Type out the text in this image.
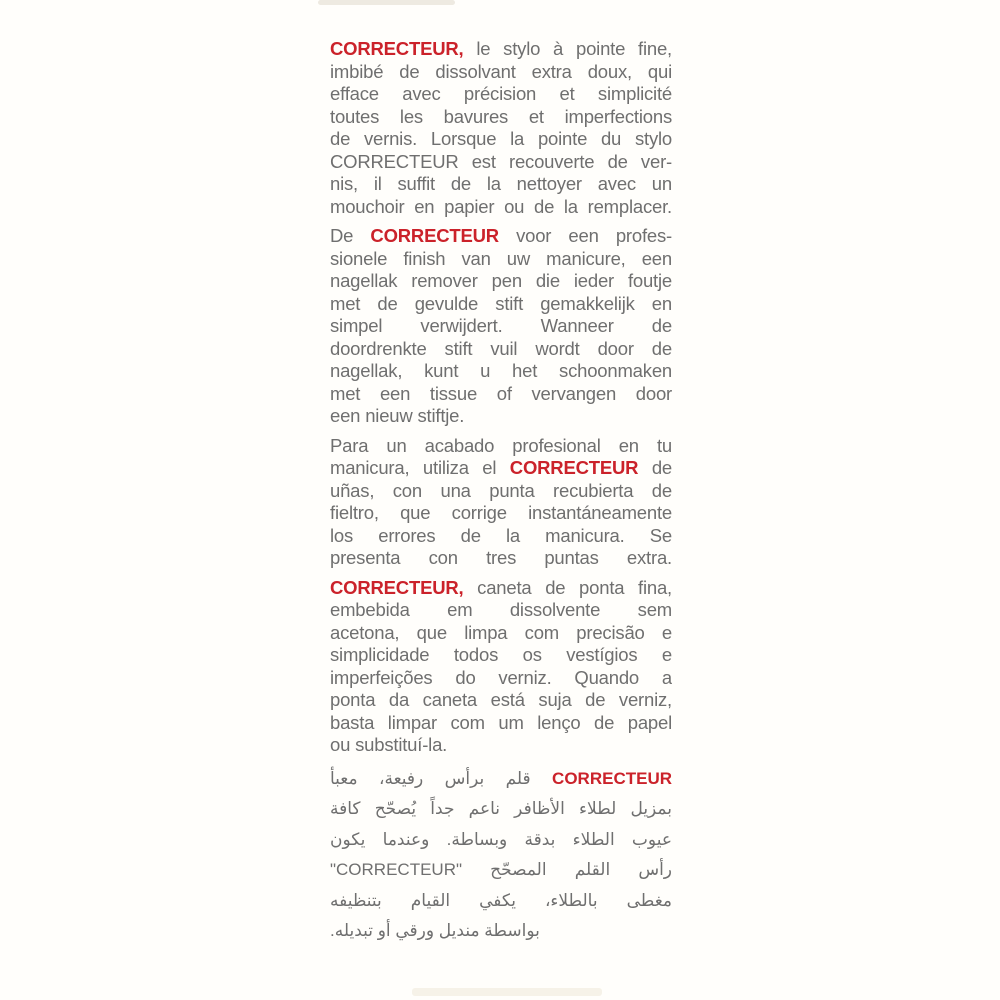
CORRECTEUR, le stylo à pointe fine,
imbibé de dissolvant extra doux, qui
efface avec précision et simplicité
toutes les bavures et imperfections
de vernis. Lorsque la pointe du stylo
CORRECTEUR est recouverte de ver-
nis, il suffit de la nettoyer avec un
mouchoir en papier ou de la remplacer.
De CORRECTEUR voor een profes-
sionele finish van uw manicure, een
nagellak remover pen die ieder foutje
met de gevulde stift gemakkelijk en
simpel verwijdert. Wanneer de
doordrenkte stift vuil wordt door de
nagellak, kunt u het schoonmaken
met een tissue of vervangen door
een nieuw stiftje.
Para un acabado profesional en tu
manicura, utiliza el CORRECTEUR de
uñas, con una punta recubierta de
fieltro, que corrige instantáneamente
los errores de la manicura. Se
presenta con tres puntas extra.
CORRECTEUR, caneta de ponta fina,
embebida em dissolvente sem
acetona, que limpa com precisão e
simplicidade todos os vestígios e
imperfeições do verniz. Quando a
ponta da caneta está suja de verniz,
basta limpar com um lenço de papel
ou substituí-la.
CORRECTEUR قلم برأس رفيعة، معبأ
بمزيل لطلاء الأظافر ناعم جداً يُصحّح كافة
عيوب الطلاء بدقة وبساطة. وعندما يكون
رأس القلم المصحّح "CORRECTEUR"
مغطى بالطلاء، يكفي القيام بتنظيفه
بواسطة منديل ورقي أو تبديله.
